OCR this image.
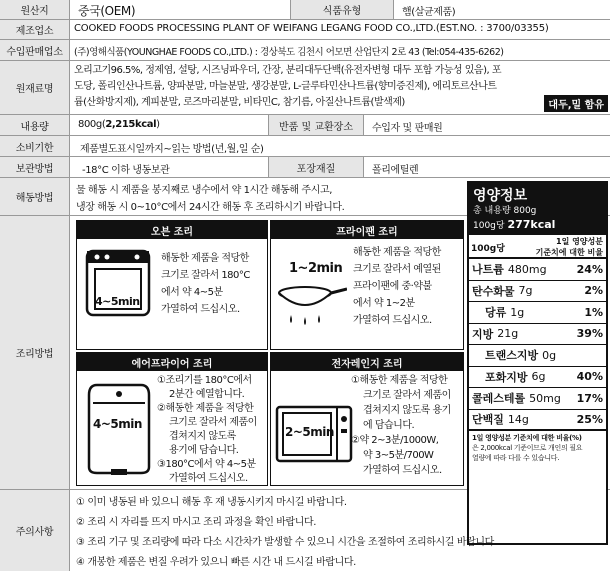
원산지	중국(OEM)	식품유형	햄(살균제품)
제조업소	COOKED FOODS PROCESSING PLANT OF WEIFANG LEGANG FOOD CO.,LTD.(EST.NO. : 3700/03355)
수입판매업소	(주)영해식품(YOUNGHAE FOODS CO.,LTD.) : 경상북도 김천시 어모면 산업단지 2로 43 (Tel:054-435-6262)
원재료명
오리고기96.5%, 정제염, 설탕, 시즈닝파우더, 간장, 분리대두단백(유전자변형 대두 포함 가능성 있음), 포
도당, 폴리인산나트륨, 양파분말, 마늘분말, 생강분말, L-글루타민산나트륨(향미증진제), 에리토르산나트
륨(산화방지제), 계피분말, 로즈마리분말, 비타민C, 참기름, 아질산나트륨(발색제)	대두,밀 함유
내용량	800g(2,215kcal)	반품 및 교환장소	수입자 및 판매원
소비기한	제품별도표시일까지~읽는 방법(년,월,일 순)
보관방법	-18°C 이하 냉동보관	포장재질	폴리에틸렌
해동방법
물 해동 시 제품을 봉지째로 냉수에서 약 1시간 해동해 주시고,
냉장 해동 시 0~10°C에서 24시간 해동 후 조리하시기 바랍니다.
조리방법
오븐 조리
4~5min
해동한 제품을 적당한
크기로 잘라서 180°C
에서 약 4~5분
가열하여 드십시오.
프라이팬 조리
1~2min
해동한 제품을 적당한
크기로 잘라서 예열된
프라이팬에 중·약불
에서 약 1~2분
가열하여 드십시오.
에어프라이어 조리
4~5min
①조리기를 180°C에서
2분간 예열합니다.
②해동한 제품을 적당한
크기로 잘라서 제품이
겹쳐지지 않도록
용기에 담습니다.
③180°C에서 약 4~5분
가열하여 드십시오.
전자레인지 조리
2~5min
①해동한 제품을 적당한
크기로 잘라서 제품이
겹쳐지지 않도록 용기
에 담습니다.
②약 2~3분/1000W,
약 3~5분/700W
가열하여 드십시오.
영양정보
총 내용량 800g
100g당 277kcal
100g당
1일 영양성분
기준치에 대한 비율
나트륨 480mg	24%
탄수화물 7g	2%
당류 1g	1%
지방 21g	39%
트랜스지방 0g
포화지방 6g	40%
콜레스테롤 50mg 17%
단백질 14g	25%
1일 영양성분 기준치에 대한 비율(%)
은 2,000kcal 기준이므로 개인의 필요
열량에 따라 다를 수 있습니다.
주의사항
① 이미 냉동된 바 있으니 해동 후 재 냉동시키지 마시길 바랍니다.
② 조리 시 자리를 뜨지 마시고 조리 과정을 확인 바랍니다.
③ 조리 기구 및 조리량에 따라 다소 시간차가 발생할 수 있으니 시간을 조절하여 조리하시길 바랍니다.
④ 개봉한 제품은 변질 우려가 있으니 빠른 시간 내 드시길 바랍니다.
